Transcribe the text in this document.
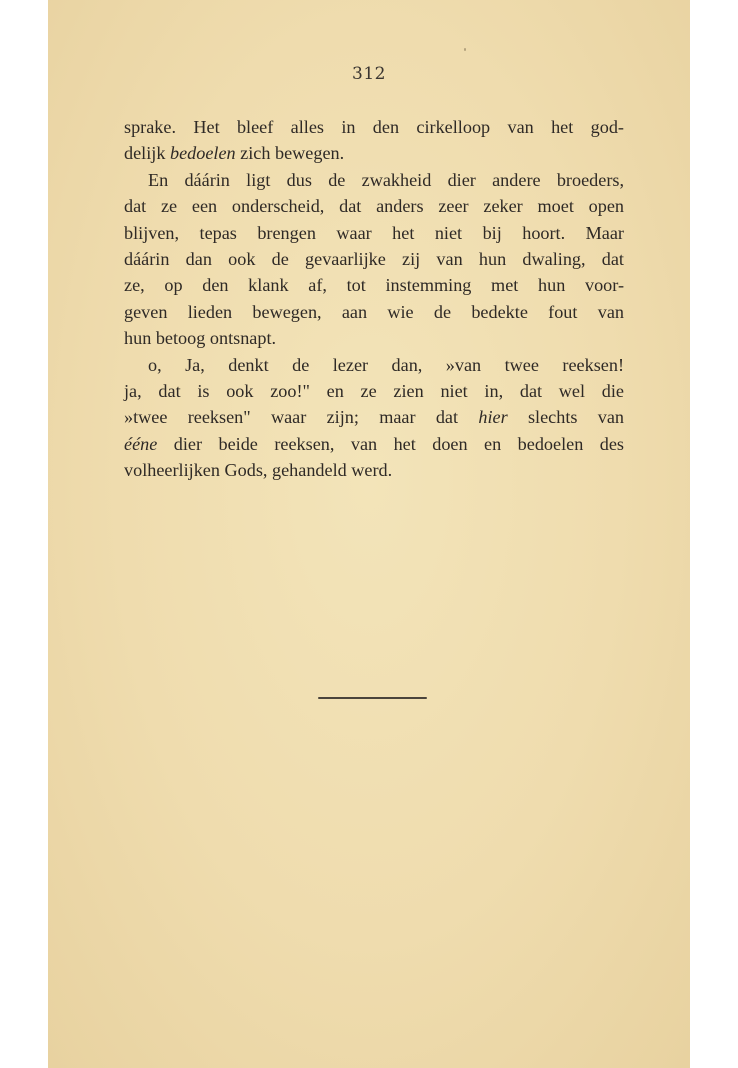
312
sprake. Het bleef alles in den cirkelloop van het god-
delijk bedoelen zich bewegen.
En dáárin ligt dus de zwakheid dier andere broeders,
dat ze een onderscheid, dat anders zeer zeker moet open
blijven, tepas brengen waar het niet bij hoort. Maar
dáárin dan ook de gevaarlijke zij van hun dwaling, dat
ze, op den klank af, tot instemming met hun voor-
geven lieden bewegen, aan wie de bedekte fout van
hun betoog ontsnapt.
o, Ja, denkt de lezer dan, »van twee reeksen!
ja, dat is ook zoo!" en ze zien niet in, dat wel die
»twee reeksen" waar zijn; maar dat hier slechts van
ééne dier beide reeksen, van het doen en bedoelen des
volheerlijken Gods, gehandeld werd.
